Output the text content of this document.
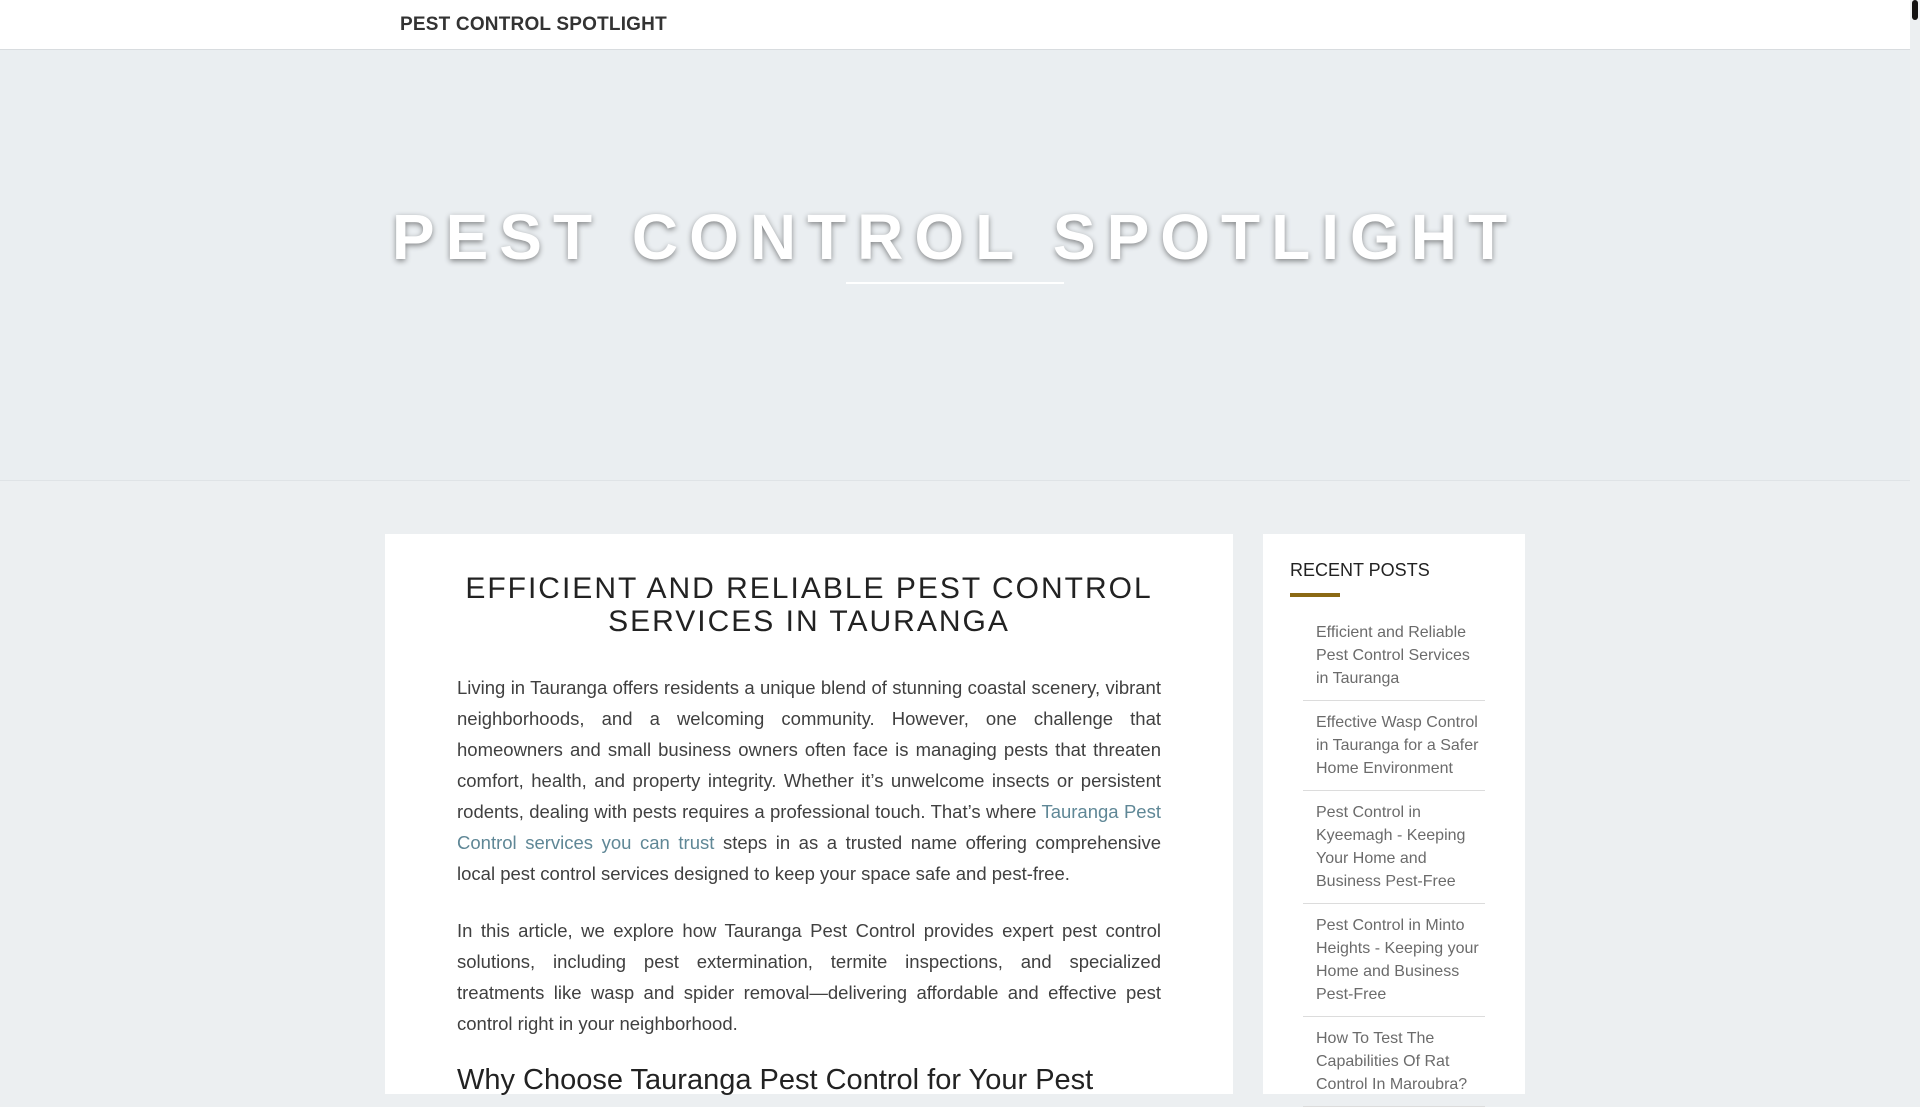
PEST CONTROL SPOTLIGHT
PEST CONTROL SPOTLIGHT
EFFICIENT AND RELIABLE PEST CONTROL SERVICES IN TAURANGA

Living in Tauranga offers residents a unique blend of stunning coastal scenery, vibrant neighborhoods, and a welcoming community. However, one challenge that homeowners and small business owners often face is managing pests that threaten comfort, health, and property integrity. Whether it’s unwelcome insects or persistent rodents, dealing with pests requires a professional touch. That’s where Tauranga Pest Control services you can trust steps in as a trusted name offering comprehensive local pest control services designed to keep your space safe and pest-free.

In this article, we explore how Tauranga Pest Control provides expert pest control solutions, including pest extermination, termite inspections, and specialized treatments like wasp and spider removal—delivering affordable and effective pest control right in your neighborhood.

Why Choose Tauranga Pest Control for Your Pest
RECENT POSTS
Efficient and Reliable Pest Control Services in Tauranga
Effective Wasp Control in Tauranga for a Safer Home Environment
Pest Control in Kyeemagh - Keeping Your Home and Business Pest-Free
Pest Control in Minto Heights - Keeping your Home and Business Pest-Free
How To Test The Capabilities Of Rat Control In Maroubra?
